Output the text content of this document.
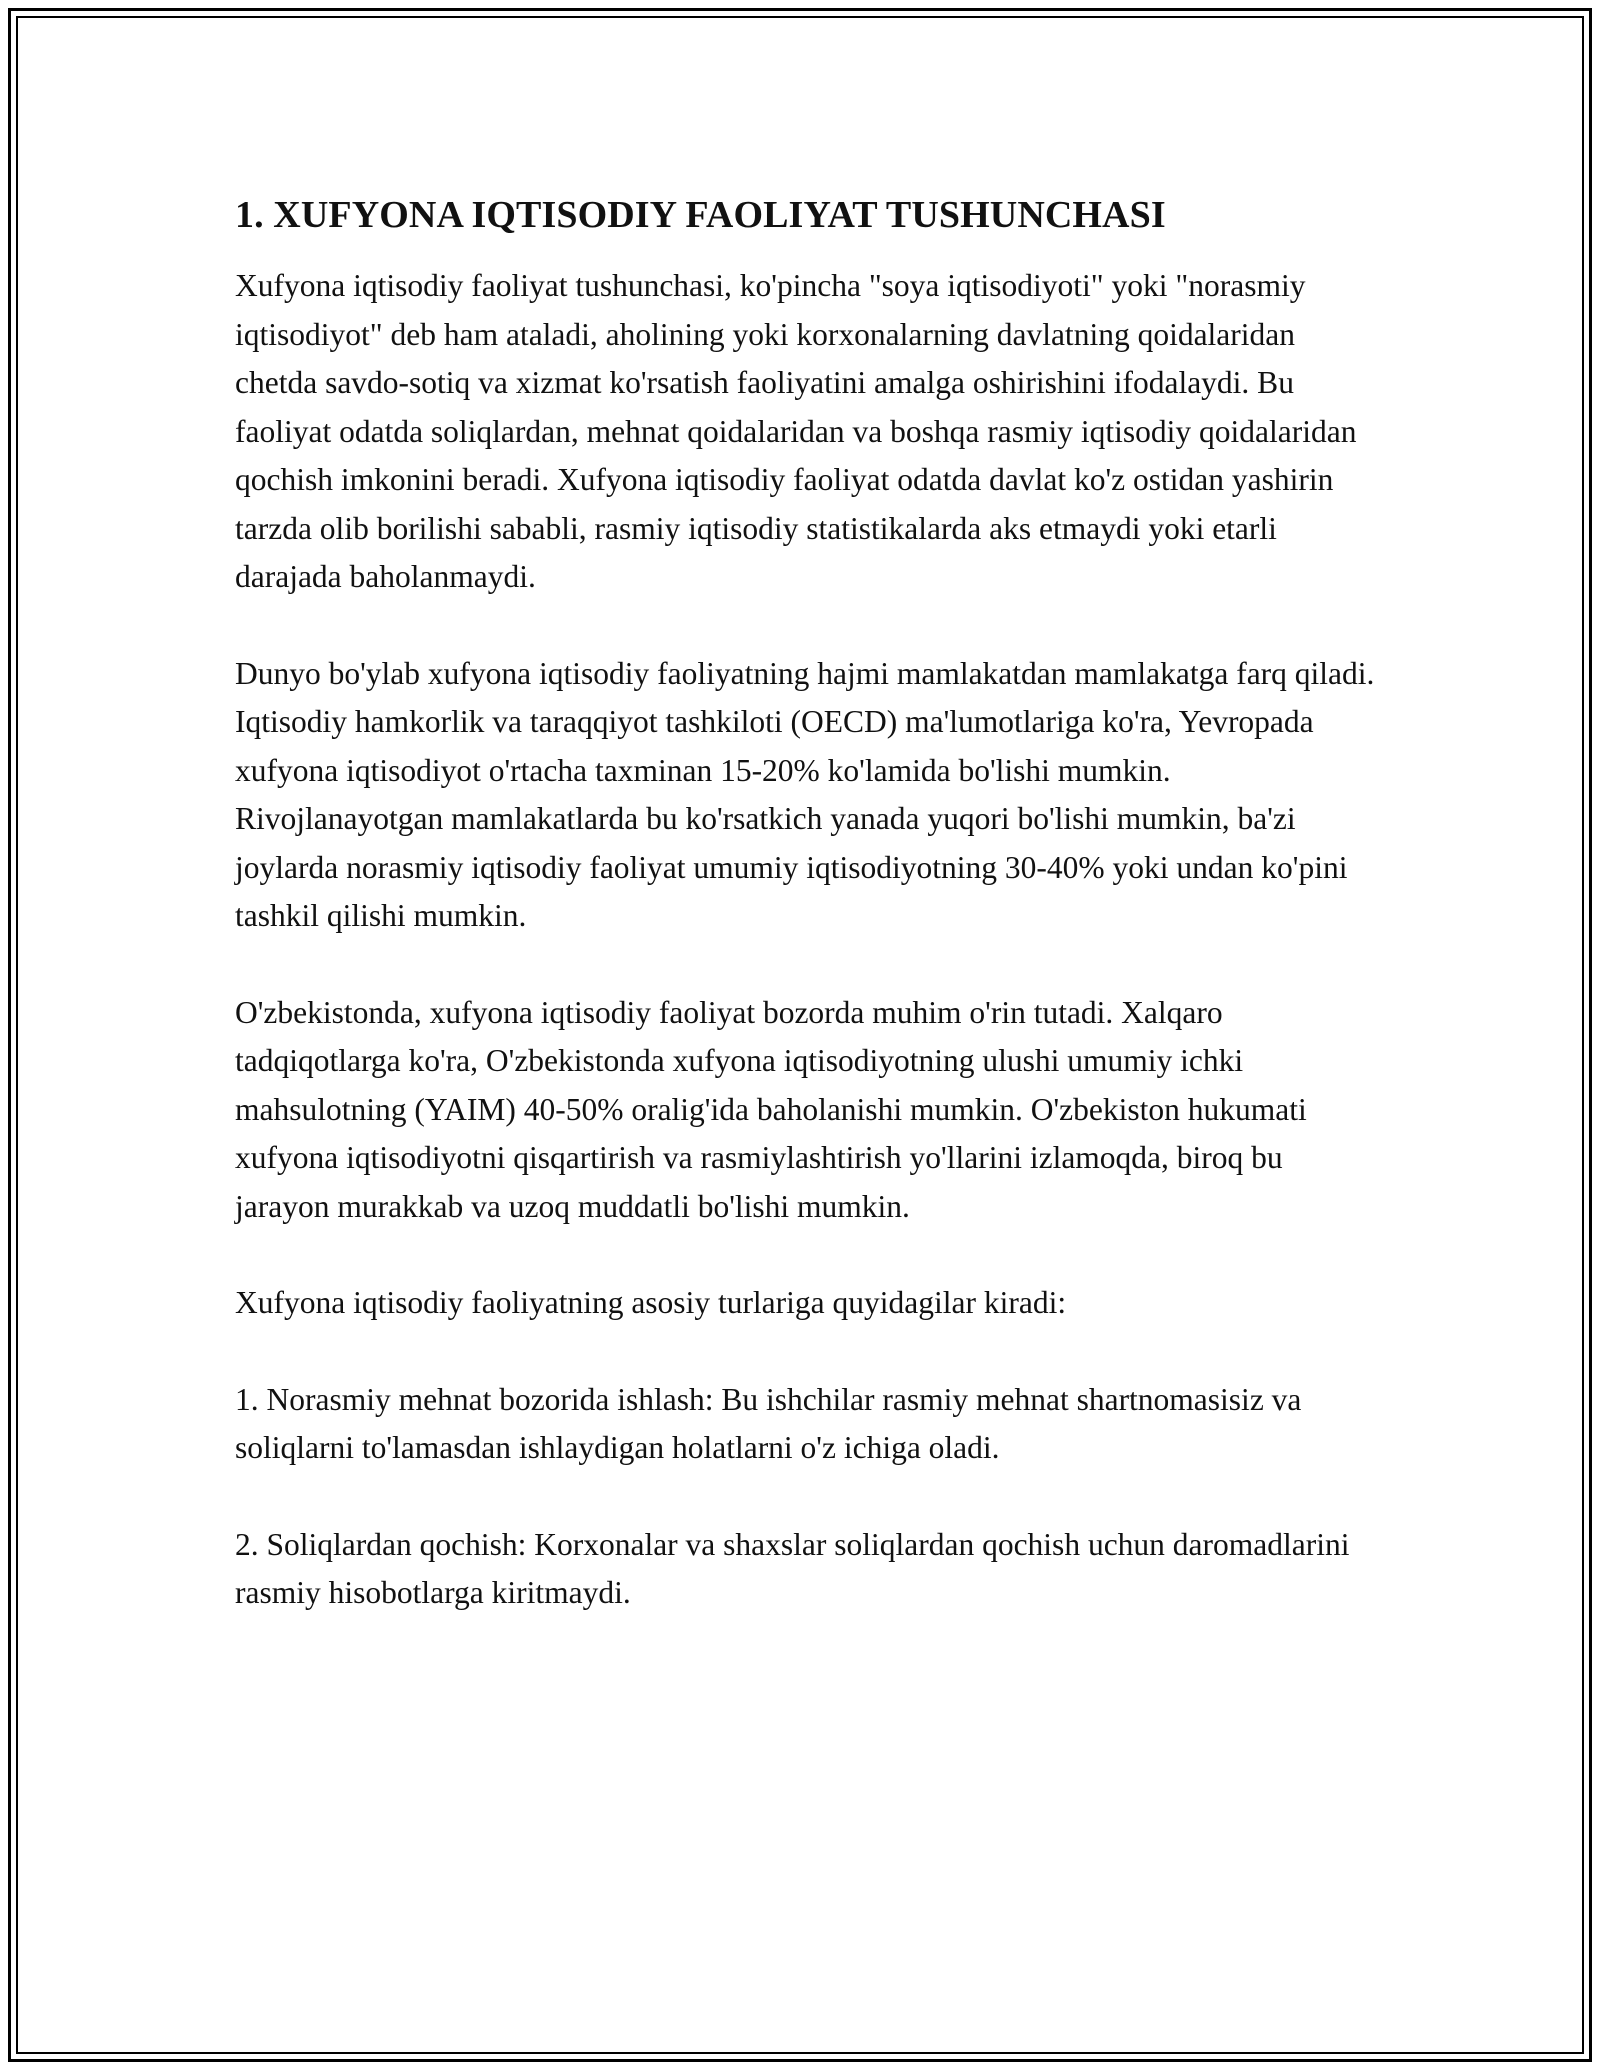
1. XUFYONA IQTISODIY FAOLIYAT TUSHUNCHASI

Xufyona iqtisodiy faoliyat tushunchasi, ko'pincha "soya iqtisodiyoti" yoki "norasmiy iqtisodiyot" deb ham ataladi, aholining yoki korxonalarning davlatning qoidalaridan chetda savdo-sotiq va xizmat ko'rsatish faoliyatini amalga oshirishini ifodalaydi. Bu faoliyat odatda soliqlardan, mehnat qoidalaridan va boshqa rasmiy iqtisodiy qoidalaridan qochish imkonini beradi. Xufyona iqtisodiy faoliyat odatda davlat ko'z ostidan yashirin tarzda olib borilishi sababli, rasmiy iqtisodiy statistikalarda aks etmaydi yoki etarli darajada baholanmaydi.

Dunyo bo'ylab xufyona iqtisodiy faoliyatning hajmi mamlakatdan mamlakatga farq qiladi. Iqtisodiy hamkorlik va taraqqiyot tashkiloti (OECD) ma'lumotlariga ko'ra, Yevropada xufyona iqtisodiyot o'rtacha taxminan 15-20% ko'lamida bo'lishi mumkin. Rivojlanayotgan mamlakatlarda bu ko'rsatkich yanada yuqori bo'lishi mumkin, ba'zi joylarda norasmiy iqtisodiy faoliyat umumiy iqtisodiyotning 30-40% yoki undan ko'pini tashkil qilishi mumkin.

O'zbekistonda, xufyona iqtisodiy faoliyat bozorda muhim o'rin tutadi. Xalqaro tadqiqotlarga ko'ra, O'zbekistonda xufyona iqtisodiyotning ulushi umumiy ichki mahsulotning (YAIM) 40-50% oralig'ida baholanishi mumkin. O'zbekiston hukumati xufyona iqtisodiyotni qisqartirish va rasmiylashtirish yo'llarini izlamoqda, biroq bu jarayon murakkab va uzoq muddatli bo'lishi mumkin.

Xufyona iqtisodiy faoliyatning asosiy turlariga quyidagilar kiradi:

1. Norasmiy mehnat bozorida ishlash: Bu ishchilar rasmiy mehnat shartnomasisiz va soliqlarni to'lamasdan ishlaydigan holatlarni o'z ichiga oladi.

2. Soliqlardan qochish: Korxonalar va shaxslar soliqlardan qochish uchun daromadlarini rasmiy hisobotlarga kiritmaydi.
